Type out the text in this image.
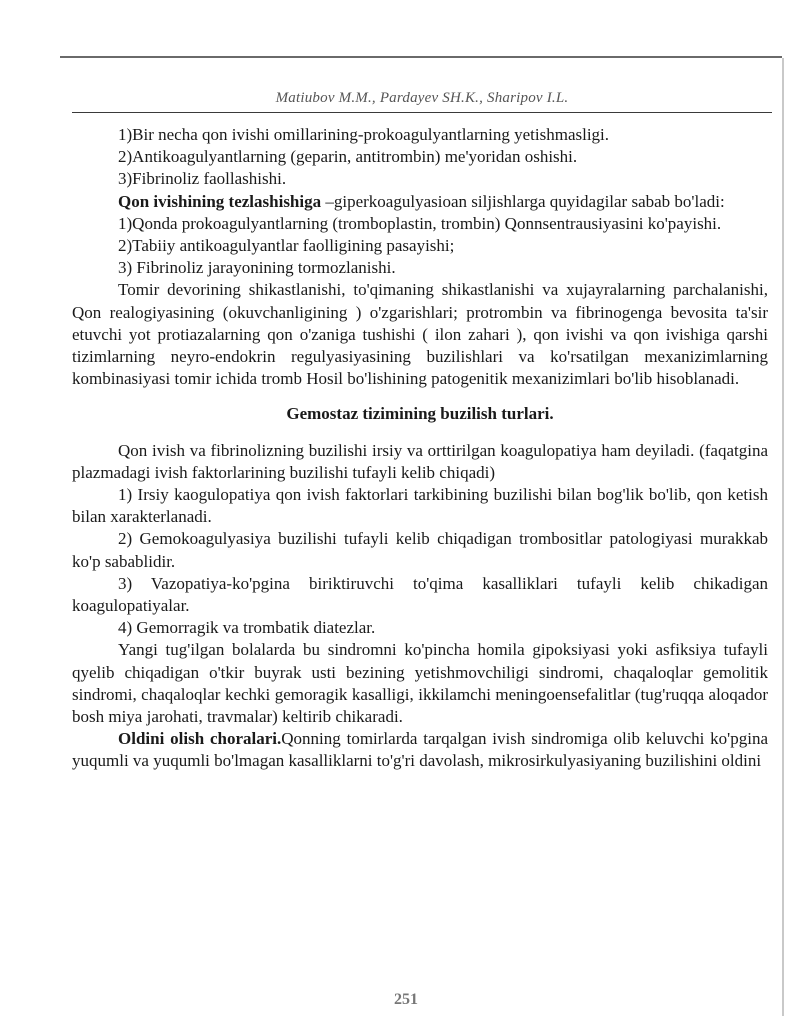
Matiubov M.M., Pardayev SH.K., Sharipov I.L.

1)Bir necha qon ivishi omillarining-prokoagulyantlarning yetishmasligi.

2)Antikoagulyantlarning (geparin, antitrombin) me'yoridan oshishi.

3)Fibrinoliz faollashishi.

Qon ivishining tezlashishiga –giperkoagulyasioan siljishlarga quyidagilar sabab bo'ladi:

1)Qonda prokoagulyantlarning (tromboplastin, trombin) Qonnsentrausiyasini ko'payishi.

2)Tabiiy antikoagulyantlar faolligining pasayishi;

3) Fibrinoliz jarayonining tormozlanishi.

Tomir devorining shikastlanishi, to'qimaning shikastlanishi va xujayralarning parchalanishi, Qon realogiyasining (okuvchanligining ) o'zgarishlari; protrombin va fibrinogenga bevosita ta'sir etuvchi yot protiazalarning qon o'zaniga tushishi ( ilon zahari ), qon ivishi va qon ivishiga qarshi tizimlarning neyro-endokrin regulyasiyasining buzilishlari va ko'rsatilgan mexanizimlarning kombinasiyasi tomir ichida tromb Hosil bo'lishining patogenitik mexanizimlari bo'lib hisoblanadi.

Gemostaz tizimining buzilish turlari.

Qon ivish va fibrinolizning buzilishi irsiy va orttirilgan koagulopatiya ham deyiladi. (faqatgina plazmadagi ivish faktorlarining buzilishi tufayli kelib chiqadi)

1) Irsiy kaogulopatiya qon ivish faktorlari tarkibining buzilishi bilan bog'lik bo'lib, qon ketish bilan xarakterlanadi.

2) Gemokoagulyasiya buzilishi tufayli kelib chiqadigan trombositlar patologiyasi murakkab ko'p sabablidir.

3) Vazopatiya-ko'pgina biriktiruvchi to'qima kasalliklari tufayli kelib chikadigan koagulopatiyalar.

4) Gemorragik va trombatik diatezlar.

Yangi tug'ilgan bolalarda bu sindromni ko'pincha homila gipoksiyasi yoki asfiksiya tufayli qyelib chiqadigan o'tkir buyrak usti bezining yetishmovchiligi sindromi, chaqaloqlar gemolitik sindromi, chaqaloqlar kechki gemoragik kasalligi, ikkilamchi meningoensefalitlar (tug'ruqqa aloqador bosh miya jarohati, travmalar) keltirib chikaradi.

Oldini olish choralari.Qonning tomirlarda tarqalgan ivish sindromiga olib keluvchi ko'pgina yuqumli va yuqumli bo'lmagan kasalliklarni to'g'ri davolash, mikrosirkulyasiyaning buzilishini oldini

251
